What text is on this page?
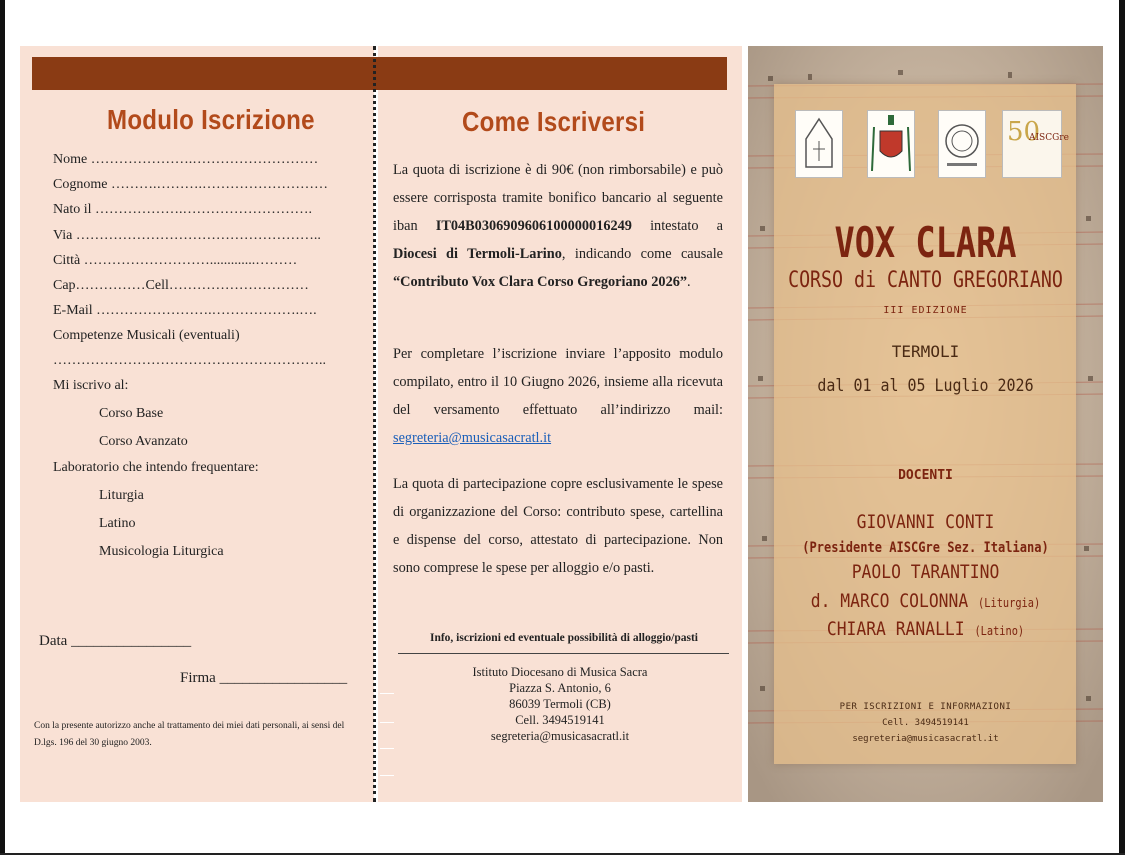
Modulo Iscrizione
Nome ………………….………………………
Cognome ……….……….………………………
Nato il ……………….……………………….
Via ……………………………………………..
Città ……………………….............………
Cap……………Cell…………………………
E-Mail …………………….……………….….
Competenze Musicali (eventuali)
…………………………………………………..
Mi iscrivo al:
Corso Base
Corso Avanzato
Laboratorio che intendo frequentare:
Liturgia
Latino
Musicologia Liturgica
Data ________________
Firma _________________
Con la presente autorizzo anche al trattamento dei miei dati personali, ai sensi del D.lgs. 196 del 30 giugno 2003.
Come Iscriversi
La quota di iscrizione è di 90€ (non rimborsabile) e può essere corrisposta tramite bonifico bancario al seguente iban IT04B0306909606100000016249 intestato a Diocesi di Termoli-Larino, indicando come causale “Contributo Vox Clara Corso Gregoriano 2026”.
Per completare l’iscrizione inviare l’apposito modulo compilato, entro il 10 Giugno 2026, insieme alla ricevuta del versamento effettuato all’indirizzo mail: segreteria@musicasacratl.it
La quota di partecipazione copre esclusivamente le spese di organizzazione del Corso: contributo spese, cartellina e dispense del corso, attestato di partecipazione. Non sono comprese le spese per alloggio e/o pasti.
Info, iscrizioni ed eventuale possibilità di alloggio/pasti
Istituto Diocesano di Musica Sacra
Piazza S. Antonio, 6
86039 Termoli (CB)
Cell. 3494519141
segreteria@musicasacratl.it
50
AISCGre
VOX CLARA
CORSO di CANTO GREGORIANO
III EDIZIONE
TERMOLI
dal 01 al 05 Luglio 2026
DOCENTI
GIOVANNI CONTI
(Presidente AISCGre Sez. Italiana)
PAOLO TARANTINO
d. MARCO COLONNA (Liturgia)
CHIARA RANALLI (Latino)
PER ISCRIZIONI E INFORMAZIONI
Cell. 3494519141
segreteria@musicasacratl.it
